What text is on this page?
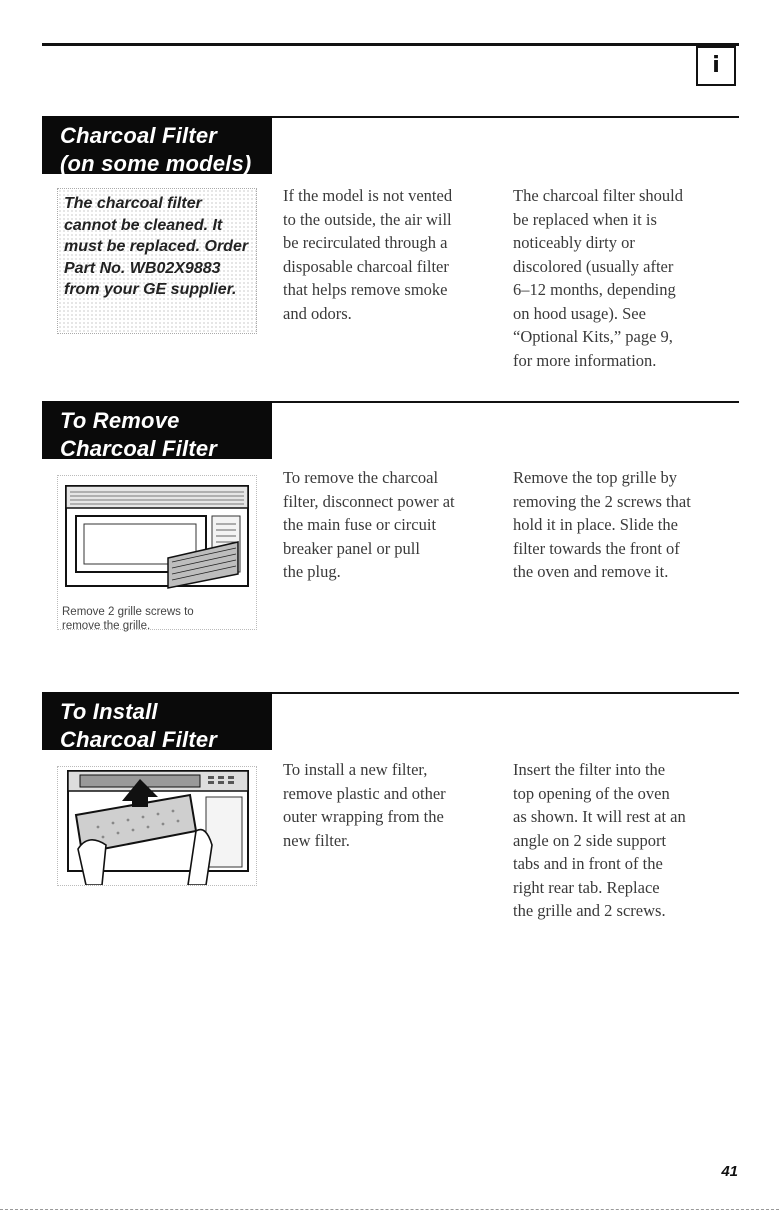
i
Charcoal Filter
(on some models)
The charcoal filter
cannot be cleaned. It
must be replaced. Order
Part No. WB02X9883
from your GE supplier.
If the model is not vented
to the outside, the air will
be recirculated through a
disposable charcoal filter
that helps remove smoke
and odors.
The charcoal filter should
be replaced when it is
noticeably dirty or
discolored (usually after
6–12 months, depending
on hood usage). See
“Optional Kits,” page 9,
for more information.
To Remove
Charcoal Filter
Remove 2 grille screws to
remove the grille.
To remove the charcoal
filter, disconnect power at
the main fuse or circuit
breaker panel or pull
the plug.
Remove the top grille by
removing the 2 screws that
hold it in place. Slide the
filter towards the front of
the oven and remove it.
To Install
Charcoal Filter
To install a new filter,
remove plastic and other
outer wrapping from the
new filter.
Insert the filter into the
top opening of the oven
as shown. It will rest at an
angle on 2 side support
tabs and in front of the
right rear tab. Replace
the grille and 2 screws.
41
